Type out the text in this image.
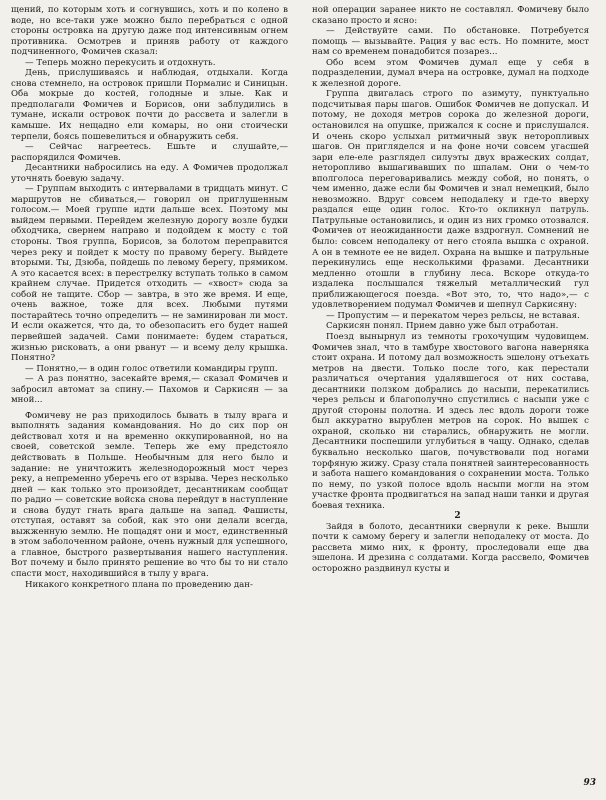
щений, по которым хоть и согнувшись, хоть и по колено в воде, но все-таки уже можно было перебраться с одной стороны островка на другую даже под интенсивным огнем противника. Осмотрев и приняв работу от каждого подчиненного, Фомичев сказал:

— Теперь можно перекусить и отдохнуть.

День, прислушиваясь и наблюдая, отдыхали. Когда снова стемнело, на островок пришли Пормалис и Синицын. Оба мокрые до костей, голодные и злые. Как и предполагали Фомичев и Борисов, они заблудились в тумане, искали островок почти до рассвета и залегли в камыше. Их нещадно ели комары, но они стоически терпели, боясь пошевелиться и обнаружить себя.

— Сейчас нагреетесь. Ешьте и слушайте,— распорядился Фомичев.

Десантники набросились на еду. А Фомичев продолжал уточнять боевую задачу.

— Группам выходить с интервалами в тридцать минут. С маршрутов не сбиваться,— говорил он приглушенным голосом.— Моей группе идти дальше всех. Поэтому мы выйдем первыми. Перейдем железную дорогу возле будки обходчика, свернем направо и подойдем к мосту с той стороны. Твоя группа, Борисов, за болотом переправится через реку и пойдет к мосту по правому берегу. Выйдете вторыми. Ты, Дзюба, пойдешь по левому берегу, прямиком. А это касается всех: в перестрелку вступать только в самом крайнем случае. Придется отходить — «хвост» сюда за собой не тащите. Сбор — завтра, в это же время. И еще, очень важное, тоже для всех. Любыми путями постарайтесь точно определить — не заминирован ли мост. И если окажется, что да, то обезопасить его будет нашей первейшей задачей. Сами понимаете: будем стараться, жизнью рисковать, а они рванут — и всему делу крышка. Понятно?

— Понятно,— в один голос ответили командиры групп.

— А раз понятно, засекайте время,— сказал Фомичев и забросил автомат за спину.— Пахомов и Саркисян — за мной...

Фомичеву не раз приходилось бывать в тылу врага и выполнять задания командования. Но до сих пор он действовал хотя и на временно оккупированной, но на своей, советской земле. Теперь же ему предстояло действовать в Польше. Необычным для него было и задание: не уничтожить железнодорожный мост через реку, а непременно уберечь его от взрыва. Через несколько дней — как только это произойдет, десантникам сообщат по радио — советские войска снова перейдут в наступление и снова будут гнать врага дальше на запад. Фашисты, отступая, оставят за собой, как это они делали всегда, выжженную землю. Не пощадят они и мост, единственный в этом заболоченном районе, очень нужный для успешного, а главное, быстрого развертывания нашего наступления. Вот почему и было принято решение во что бы то ни стало спасти мост, находившийся в тылу у врага.

Никакого конкретного плана по проведению дан-

ной операции заранее никто не составлял. Фомичеву было сказано просто и ясно:

— Действуйте сами. По обстановке. Потребуется помощь — вызывайте. Рация у вас есть. Но помните, мост нам со временем понадобится позарез...

Обо всем этом Фомичев думал еще у себя в подразделении, думал вчера на островке, думал на подходе к железной дороге.

Группа двигалась строго по азимуту, пунктуально подсчитывая пары шагов. Ошибок Фомичев не допускал. И потому, не доходя метров сорока до железной дороги, остановился на опушке, прижался к сосне и прислушался. И очень скоро услыхал ритмичный звук неторопливых шагов. Он пригляделся и на фоне ночи совсем угасшей зари еле-еле разглядел силуэты двух вражеских солдат, неторопливо вышагивавших по шпалам. Они о чем-то вполголоса переговаривались между собой, но понять, о чем именно, даже если бы Фомичев и знал немецкий, было невозможно. Вдруг совсем неподалеку и где-то вверху раздался еще один голос. Кто-то окликнул патруль. Патрульные остановились, и один из них громко отозвался. Фомичев от неожиданности даже вздрогнул. Сомнений не было: совсем неподалеку от него стояла вышка с охраной. А он в темноте ее не видел. Охрана на вышке и патрульные перекинулись еще несколькими фразами. Десантники медленно отошли в глубину леса. Вскоре откуда-то издалека послышался тяжелый металлический гул приближающегося поезда. «Вот это, то, что надо»,— с удовлетворением подумал Фомичев и шепнул Саркисяну:

— Пропустим — и перекатом через рельсы, не вставая.

Саркисян понял. Прием давно уже был отработан.

Поезд вынырнул из темноты грохочущим чудовищем. Фомичев знал, что в тамбуре хвостового вагона наверняка стоит охрана. И потому дал возможность эшелону отъехать метров на двести. Только после того, как перестали различаться очертания удалявшегося от них состава, десантники ползком добрались до насыпи, перекатились через рельсы и благополучно спустились с насыпи уже с другой стороны полотна. И здесь лес вдоль дороги тоже был аккуратно вырублен метров на сорок. Но вышек с охраной, сколько ни старались, обнаружить не могли. Десантники поспешили углубиться в чащу. Однако, сделав буквально несколько шагов, почувствовали под ногами торфяную жижу. Сразу стала понятней заинтересованность и забота нашего командования о сохранении моста. Только по нему, по узкой полосе вдоль насыпи могли на этом участке фронта продвигаться на запад наши танки и другая боевая техника.

2

Зайдя в болото, десантники свернули к реке. Вышли почти к самому берегу и залегли неподалеку от моста. До рассвета мимо них, к фронту, проследовали еще два эшелона. И дрезина с солдатами. Когда рассвело, Фомичев осторожно раздвинул кусты и

93
